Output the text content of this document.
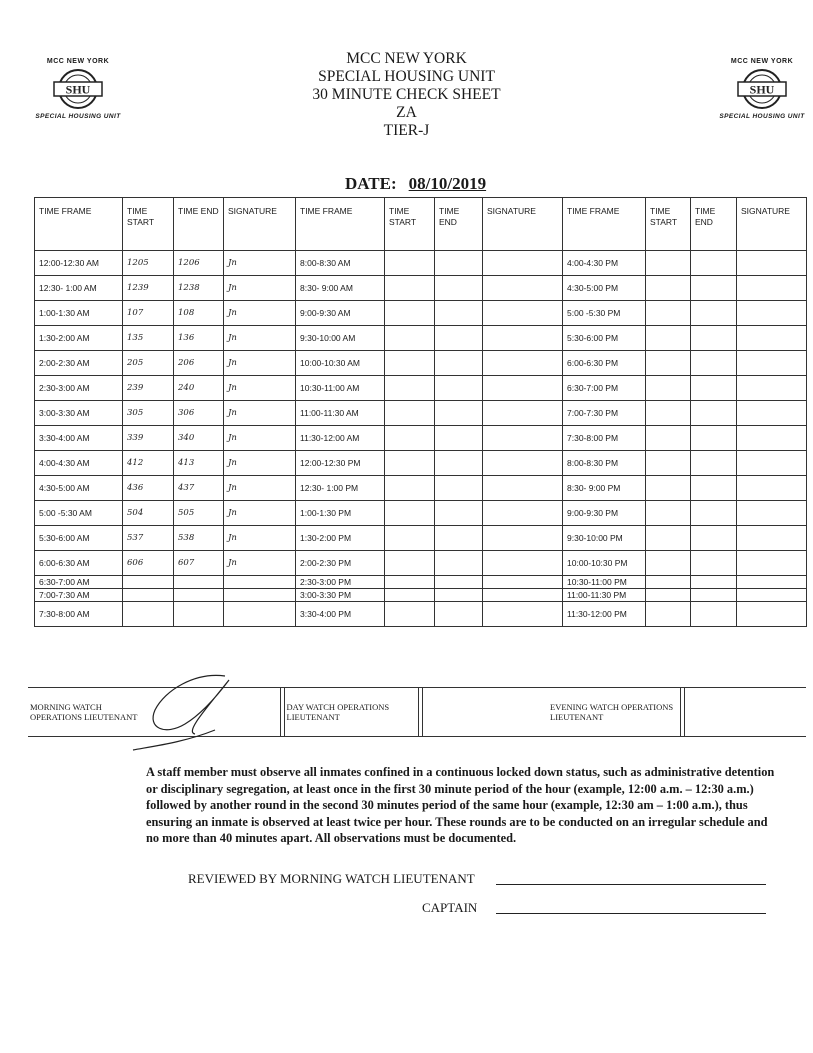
MCC NEW YORK
SHU
SPECIAL HOUSING UNIT
MCC NEW YORK
SHU
SPECIAL HOUSING UNIT
MCC NEW YORK
SPECIAL HOUSING UNIT
30 MINUTE CHECK SHEET
ZA
TIER-J
DATE: 08/10/2019
TIME FRAME	TIME START	TIME END	SIGNATURE	TIME FRAME	TIME START	TIME END	SIGNATURE	TIME FRAME	TIME START	TIME END	SIGNATURE
12:00-12:30 AM	1205	1206	Jn	8:00-8:30 AM				4:00-4:30 PM			
12:30- 1:00 AM	1239	1238	Jn	8:30- 9:00 AM				4:30-5:00 PM			
1:00-1:30 AM	107	108	Jn	9:00-9:30 AM				5:00 -5:30 PM			
1:30-2:00 AM	135	136	Jn	9:30-10:00 AM				5:30-6:00 PM			
2:00-2:30 AM	205	206	Jn	10:00-10:30 AM				6:00-6:30 PM			
2:30-3:00 AM	239	240	Jn	10:30-11:00 AM				6:30-7:00 PM			
3:00-3:30 AM	305	306	Jn	11:00-11:30 AM				7:00-7:30 PM			
3:30-4:00 AM	339	340	Jn	11:30-12:00 AM				7:30-8:00 PM			
4:00-4:30 AM	412	413	Jn	12:00-12:30 PM				8:00-8:30 PM			
4:30-5:00 AM	436	437	Jn	12:30- 1:00 PM				8:30- 9:00 PM			
5:00 -5:30 AM	504	505	Jn	1:00-1:30 PM				9:00-9:30 PM			
5:30-6:00 AM	537	538	Jn	1:30-2:00 PM				9:30-10:00 PM			
6:00-6:30 AM	606	607	Jn	2:00-2:30 PM				10:00-10:30 PM			
6:30-7:00 AM				2:30-3:00 PM				10:30-11:00 PM			
7:00-7:30 AM				3:00-3:30 PM				11:00-11:30 PM			
7:30-8:00 AM				3:30-4:00 PM				11:30-12:00 PM			
MORNING WATCH OPERATIONS LIEUTENANT			DAY WATCH OPERATIONS LIEUTENANT			EVENING WATCH OPERATIONS LIEUTENANT		
A staff member must observe all inmates confined in a continuous locked down status, such as administrative detention or disciplinary segregation, at least once in the first 30 minute period of the hour (example, 12:00 a.m. – 12:30 a.m.) followed by another round in the second 30 minutes period of the same hour (example, 12:30 am – 1:00 a.m.), thus ensuring an inmate is observed at least twice per hour. These rounds are to be conducted on an irregular schedule and no more than 40 minutes apart. All observations must be documented.
REVIEWED BY MORNING WATCH LIEUTENANT
CAPTAIN
